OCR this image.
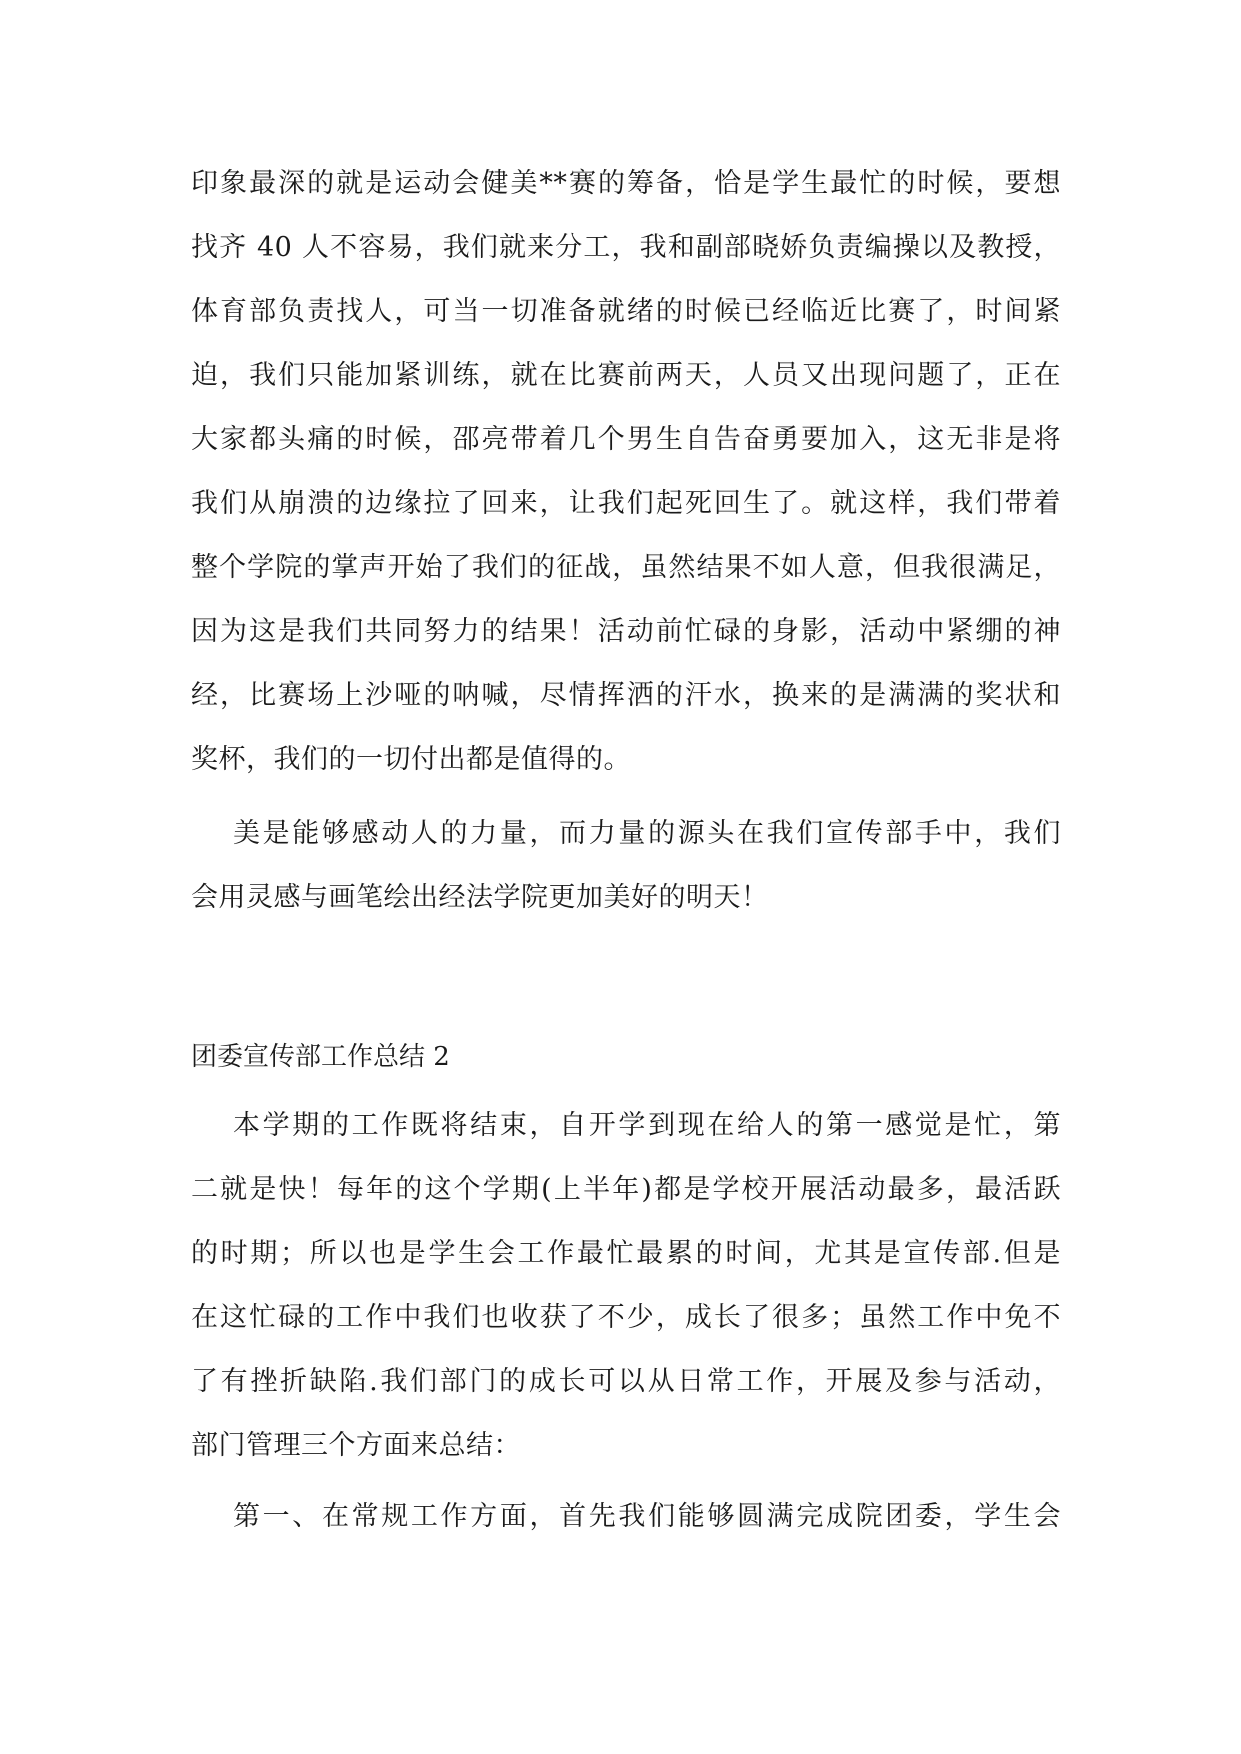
印象最深的就是运动会健美**赛的筹备，恰是学生最忙的时候，要想
找齐 40 人不容易，我们就来分工，我和副部晓娇负责编操以及教授，
体育部负责找人，可当一切准备就绪的时候已经临近比赛了，时间紧
迫，我们只能加紧训练，就在比赛前两天，人员又出现问题了，正在
大家都头痛的时候，邵亮带着几个男生自告奋勇要加入，这无非是将
我们从崩溃的边缘拉了回来，让我们起死回生了。就这样，我们带着
整个学院的掌声开始了我们的征战，虽然结果不如人意，但我很满足，
因为这是我们共同努力的结果！活动前忙碌的身影，活动中紧绷的神
经，比赛场上沙哑的呐喊，尽情挥洒的汗水，换来的是满满的奖状和
奖杯，我们的一切付出都是值得的。
美是能够感动人的力量，而力量的源头在我们宣传部手中，我们
会用灵感与画笔绘出经法学院更加美好的明天！
团委宣传部工作总结 2
本学期的工作既将结束，自开学到现在给人的第一感觉是忙，第
二就是快！每年的这个学期(上半年)都是学校开展活动最多，最活跃
的时期；所以也是学生会工作最忙最累的时间，尤其是宣传部.但是
在这忙碌的工作中我们也收获了不少，成长了很多；虽然工作中免不
了有挫折缺陷.我们部门的成长可以从日常工作，开展及参与活动，
部门管理三个方面来总结：
第一、在常规工作方面，首先我们能够圆满完成院团委，学生会
